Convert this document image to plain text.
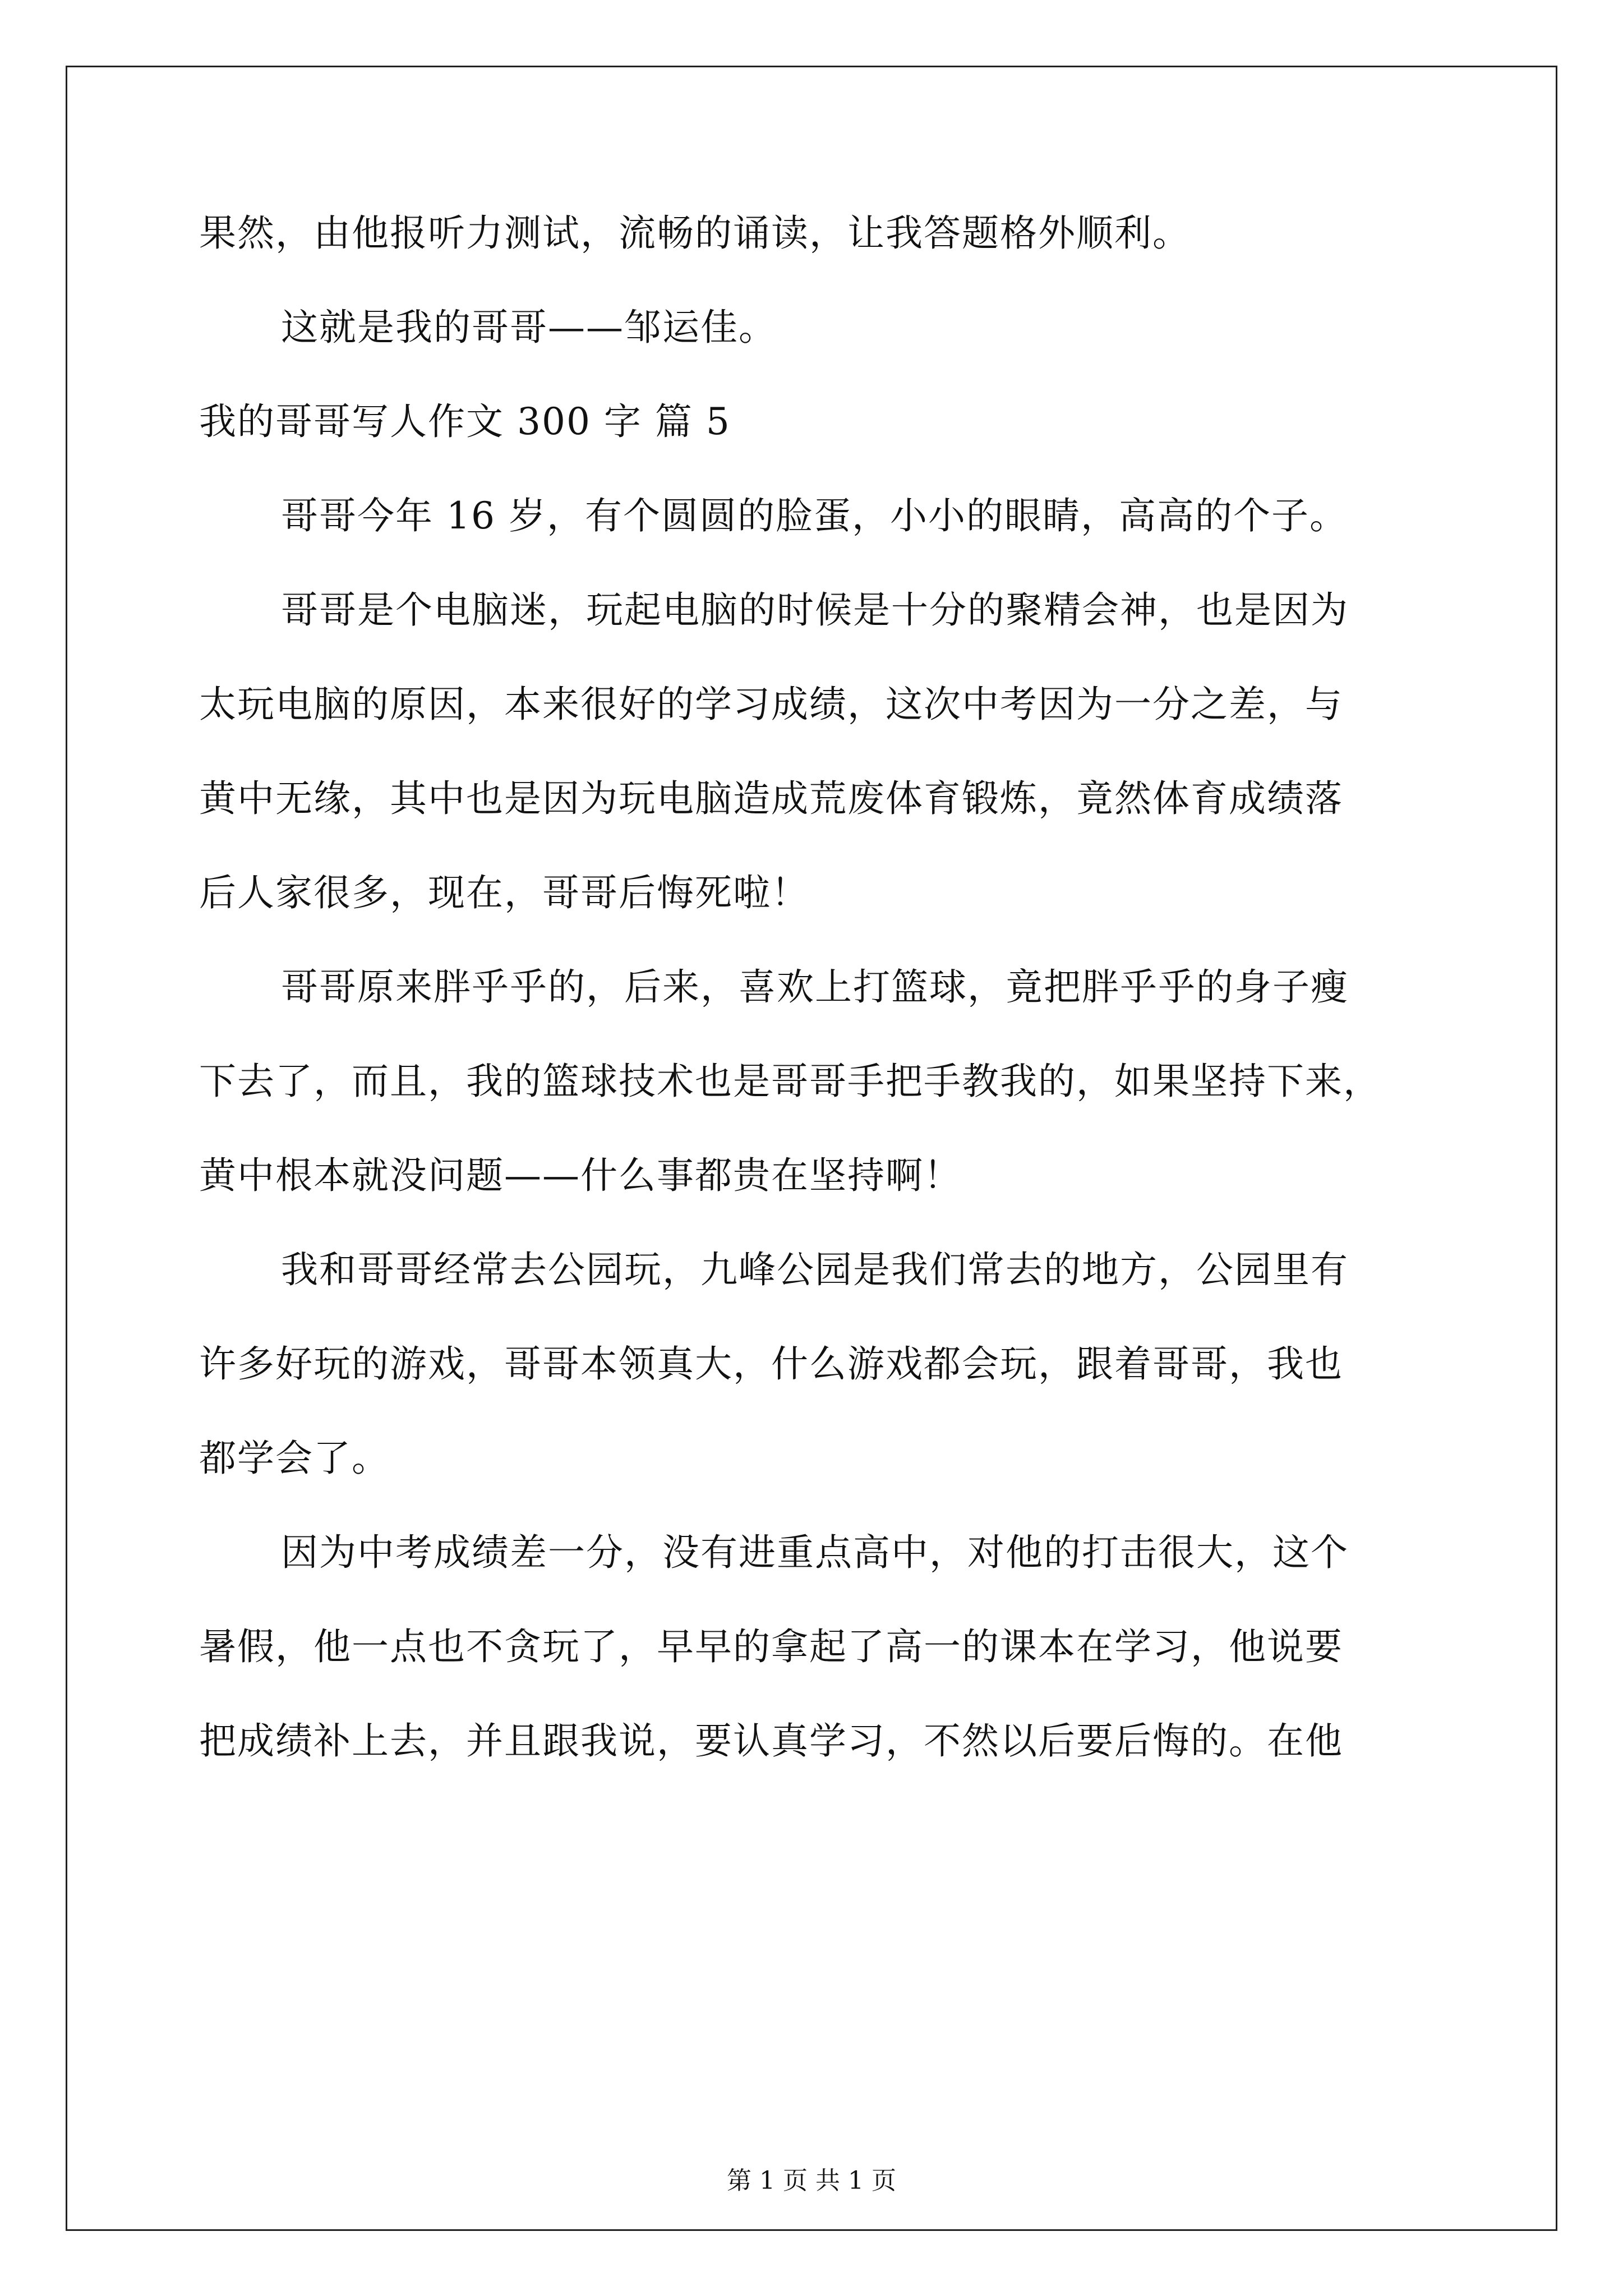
果然，由他报听力测试，流畅的诵读，让我答题格外顺利。
这就是我的哥哥——邹运佳。
我的哥哥写人作文 300 字 篇 5
哥哥今年 16 岁，有个圆圆的脸蛋，小小的眼睛，高高的个子。
哥哥是个电脑迷，玩起电脑的时候是十分的聚精会神，也是因为
太玩电脑的原因，本来很好的学习成绩，这次中考因为一分之差，与
黄中无缘，其中也是因为玩电脑造成荒废体育锻炼，竟然体育成绩落
后人家很多，现在，哥哥后悔死啦！
哥哥原来胖乎乎的，后来，喜欢上打篮球，竟把胖乎乎的身子瘦
下去了，而且，我的篮球技术也是哥哥手把手教我的，如果坚持下来，
黄中根本就没问题——什么事都贵在坚持啊！
我和哥哥经常去公园玩，九峰公园是我们常去的地方，公园里有
许多好玩的游戏，哥哥本领真大，什么游戏都会玩，跟着哥哥，我也
都学会了。
因为中考成绩差一分，没有进重点高中，对他的打击很大，这个
暑假，他一点也不贪玩了，早早的拿起了高一的课本在学习，他说要
把成绩补上去，并且跟我说，要认真学习，不然以后要后悔的。在他
第 1 页 共 1 页
